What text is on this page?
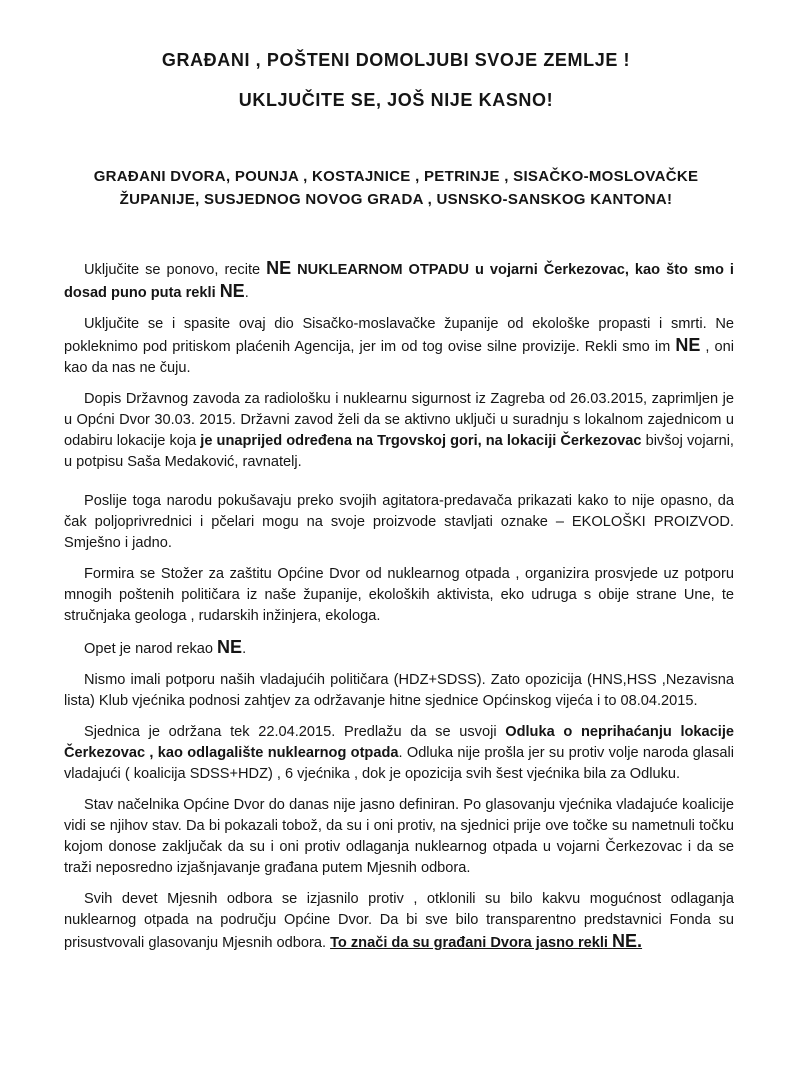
GRAĐANI , POŠTENI DOMOLJUBI SVOJE ZEMLJE !
UKLJUČITE SE, JOŠ NIJE KASNO!
GRAĐANI DVORA, POUNJA , KOSTAJNICE , PETRINJE , SISAČKO-MOSLOVAČKE
ŽUPANIJE, SUSJEDNOG NOVOG GRADA , USNSKO-SANSKOG KANTONA!

Uključite se ponovo, recite NE NUKLEARNOM OTPADU u vojarni Čerkezovac, kao što smo i dosad puno puta rekli NE.

Uključite se i spasite ovaj dio Sisačko-moslavačke županije od ekološke propasti i smrti. Ne pokleknimo pod pritiskom plaćenih Agencija, jer im od tog ovise silne provizije. Rekli smo im NE , oni kao da nas ne čuju.

Dopis Državnog zavoda za radiološku i nuklearnu sigurnost iz Zagreba od 26.03.2015, zaprimljen je u Općni Dvor 30.03. 2015. Državni zavod želi da se aktivno uključi u suradnju s lokalnom zajednicom u odabiru lokacije koja je unaprijed određena na Trgovskoj gori, na lokaciji Čerkezovac bivšoj vojarni, u potpisu Saša Medaković, ravnatelj.

Poslije toga narodu pokušavaju preko svojih agitatora-predavača prikazati kako to nije opasno, da čak poljoprivrednici i pčelari mogu na svoje proizvode stavljati oznake – EKOLOŠKI PROIZVOD. Smješno i jadno.

Formira se Stožer za zaštitu Općine Dvor od nuklearnog otpada , organizira prosvjede uz potporu mnogih poštenih političara iz naše županije, ekoloških aktivista, eko udruga s obije strane Une, te stručnjaka geologa , rudarskih inžinjera, ekologa.

Opet je narod rekao NE.

Nismo imali potporu naših vladajućih političara (HDZ+SDSS). Zato opozicija (HNS,HSS ,Nezavisna lista) Klub vjećnika podnosi zahtjev za održavanje hitne sjednice Općinskog vijeća i to 08.04.2015.

Sjednica je održana tek 22.04.2015. Predlažu da se usvoji Odluka o neprihaćanju lokacije Čerkezovac , kao odlagalište nuklearnog otpada. Odluka nije prošla jer su protiv volje naroda glasali vladajući ( koalicija SDSS+HDZ) , 6 vjećnika , dok je opozicija svih šest vjećnika bila za Odluku.

Stav načelnika Općine Dvor do danas nije jasno definiran. Po glasovanju vjećnika vladajuće koalicije vidi se njihov stav. Da bi pokazali tobož, da su i oni protiv, na sjednici prije ove točke su nametnuli točku kojom donose zaključak da su i oni protiv odlaganja nuklearnog otpada u vojarni Čerkezovac i da se traži neposredno izjašnjavanje građana putem Mjesnih odbora.

Svih devet Mjesnih odbora se izjasnilo protiv , otklonili su bilo kakvu mogućnost odlaganja nuklearnog otpada na području Općine Dvor. Da bi sve bilo transparentno predstavnici Fonda su prisustvovali glasovanju Mjesnih odbora. To znači da su građani Dvora jasno rekli NE.
